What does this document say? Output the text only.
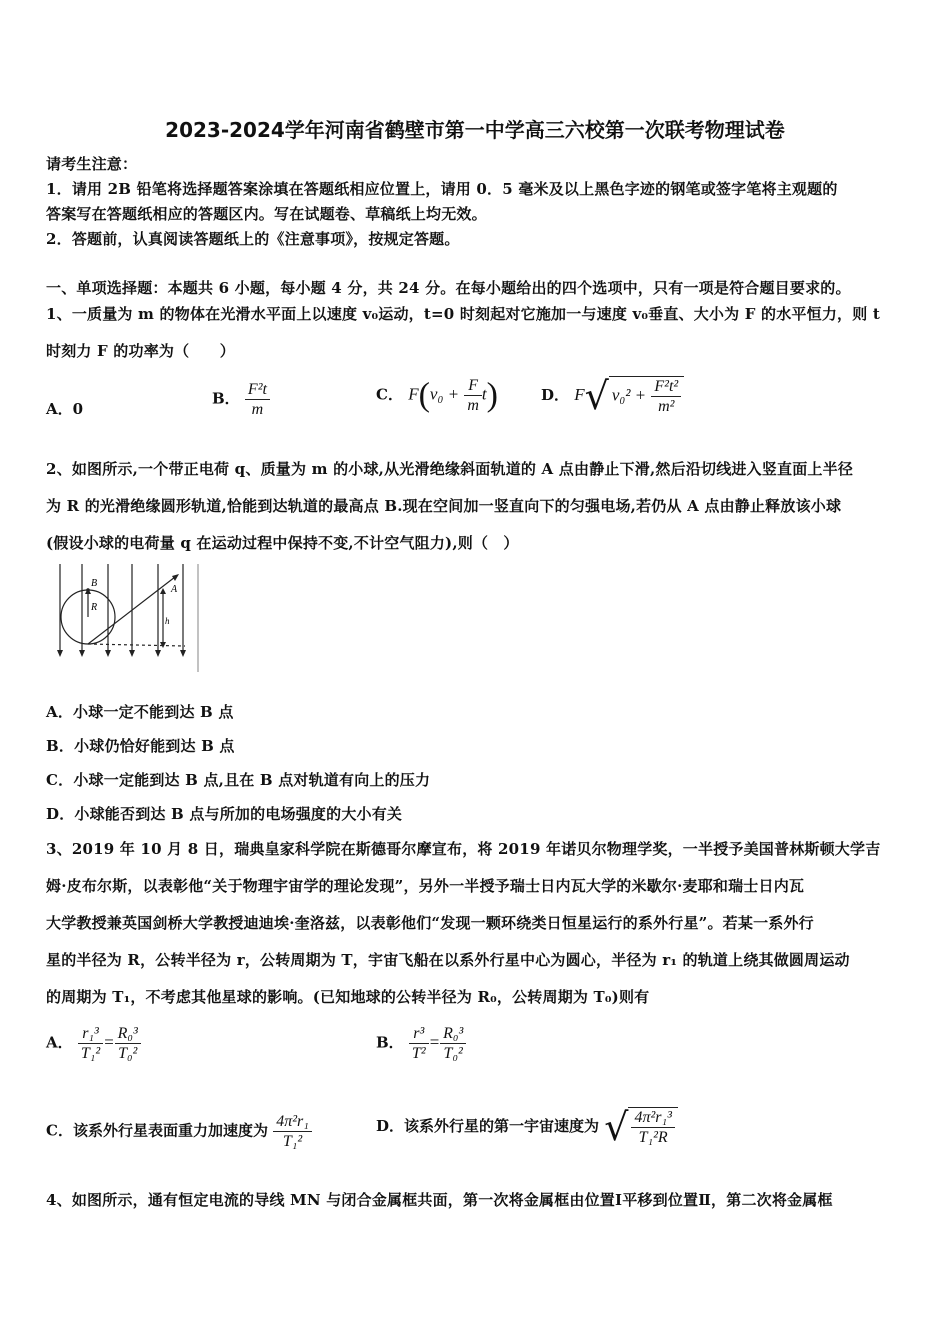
2023-2024学年河南省鹤壁市第一中学高三六校第一次联考物理试卷
请考生注意：
1．请用 2B 铅笔将选择题答案涂填在答题纸相应位置上，请用 0．5 毫米及以上黑色字迹的钢笔或签字笔将主观题的
答案写在答题纸相应的答题区内。写在试题卷、草稿纸上均无效。
2．答题前，认真阅读答题纸上的《注意事项》，按规定答题。
一、单项选择题：本题共 6 小题，每小题 4 分，共 24 分。在每小题给出的四个选项中，只有一项是符合题目要求的。
1、一质量为 m 的物体在光滑水平面上以速度 v₀运动，t=0 时刻起对它施加一与速度 v₀垂直、大小为 F 的水平恒力，则 t
时刻力 F 的功率为（　　）
A．0
B． $\frac{\text{F²t}}{m}$	C． $F(v_0 + \frac{F}{m} t)$	D． F√ $v_0^2 + \frac{\text{F²t²}}{\text{m²}}$
2、如图所示,一个带正电荷 q、质量为 m 的小球,从光滑绝缘斜面轨道的 A 点由静止下滑,然后沿切线进入竖直面上半径
为 R 的光滑绝缘圆形轨道,恰能到达轨道的最高点 B.现在空间加一竖直向下的匀强电场,若仍从 A 点由静止释放该小球
(假设小球的电荷量 q 在运动过程中保持不变,不计空气阻力),则（　）
B
R
A
h
A．小球一定不能到达 B 点
B．小球仍恰好能到达 B 点
C．小球一定能到达 B 点,且在 B 点对轨道有向上的压力
D．小球能否到达 B 点与所加的电场强度的大小有关
3、2019 年 10 月 8 日，瑞典皇家科学院在斯德哥尔摩宣布，将 2019 年诺贝尔物理学奖，一半授予美国普林斯顿大学吉
姆·皮布尔斯，以表彰他“关于物理宇宙学的理论发现”，另外一半授予瑞士日内瓦大学的米歇尔·麦耶和瑞士日内瓦
大学教授兼英国剑桥大学教授迪迪埃·奎洛兹，以表彰他们“发现一颗环绕类日恒星运行的系外行星”。若某一系外行
星的半径为 R，公转半径为 r，公转周期为 T，宇宙飞船在以系外行星中心为圆心，半径为 r₁ 的轨道上绕其做圆周运动
的周期为 T₁，不考虑其他星球的影响。(已知地球的公转半径为 R₀，公转周期为 T₀)则有
A． $\frac{\text{r₁³}}{\text{T₁²}} = \frac{\text{R₀³}}{\text{T₀²}}$	B． $\frac{\text{r³}}{\text{T²}} = \frac{\text{R₀³}}{\text{T₀²}}$
C．该系外行星表面重力加速度为 $\frac{\text{4π²r₁}}{\text{T₁²}}$	D．该系外行星的第一宇宙速度为 √ $\frac{\text{4π²r₁³}}{\text{T₁²R}}$
4、如图所示，通有恒定电流的导线 MN 与闭合金属框共面，第一次将金属框由位置Ⅰ平移到位置Ⅱ，第二次将金属框
